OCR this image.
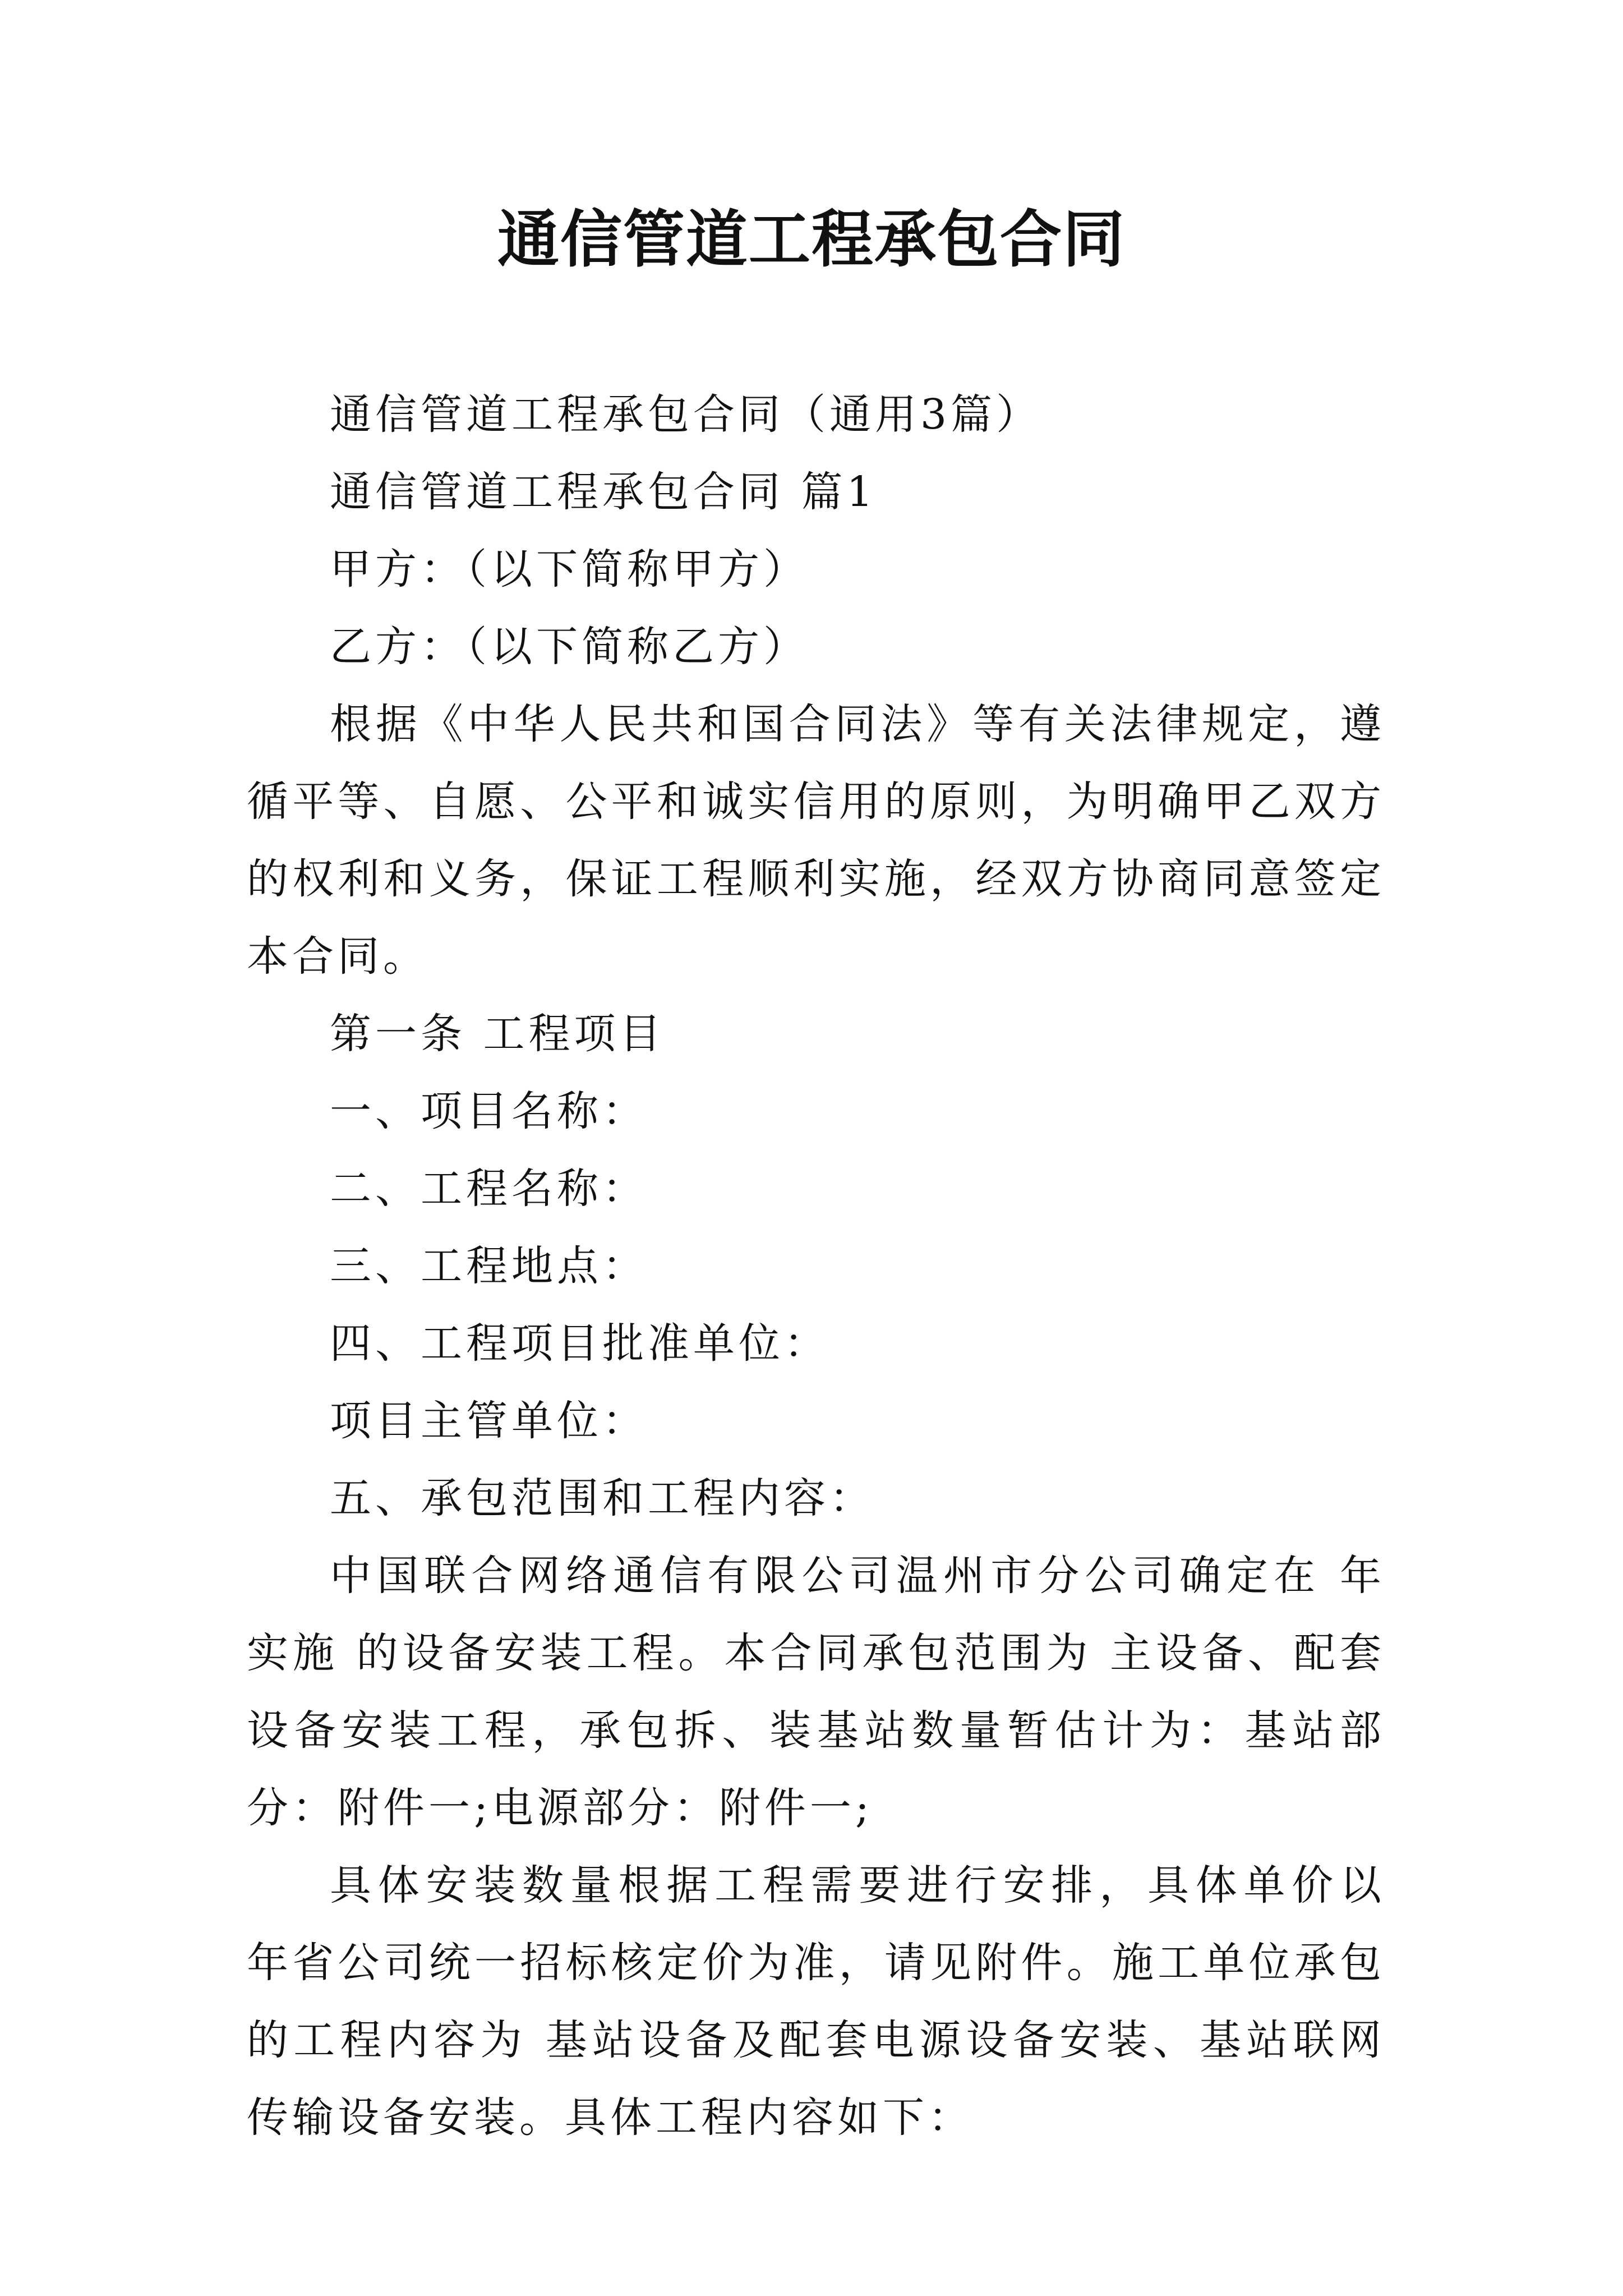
通信管道工程承包合同

通信管道工程承包合同（通用3篇）

通信管道工程承包合同 篇1

甲方：（以下简称甲方）

乙方：（以下简称乙方）

根据《中华人民共和国合同法》等有关法律规定，遵循平等、自愿、公平和诚实信用的原则，为明确甲乙双方的权利和义务，保证工程顺利实施，经双方协商同意签定本合同。

第一条 工程项目

一、项目名称：

二、工程名称：

三、工程地点：

四、工程项目批准单位：

项目主管单位：

五、承包范围和工程内容：

中国联合网络通信有限公司温州市分公司确定在 年实施 的设备安装工程。本合同承包范围为 主设备、配套设备安装工程，承包拆、装基站数量暂估计为：基站部分：附件一;电源部分：附件一;

具体安装数量根据工程需要进行安排，具体单价以 年省公司统一招标核定价为准，请见附件。施工单位承包的工程内容为 基站设备及配套电源设备安装、基站联网传输设备安装。具体工程内容如下：
